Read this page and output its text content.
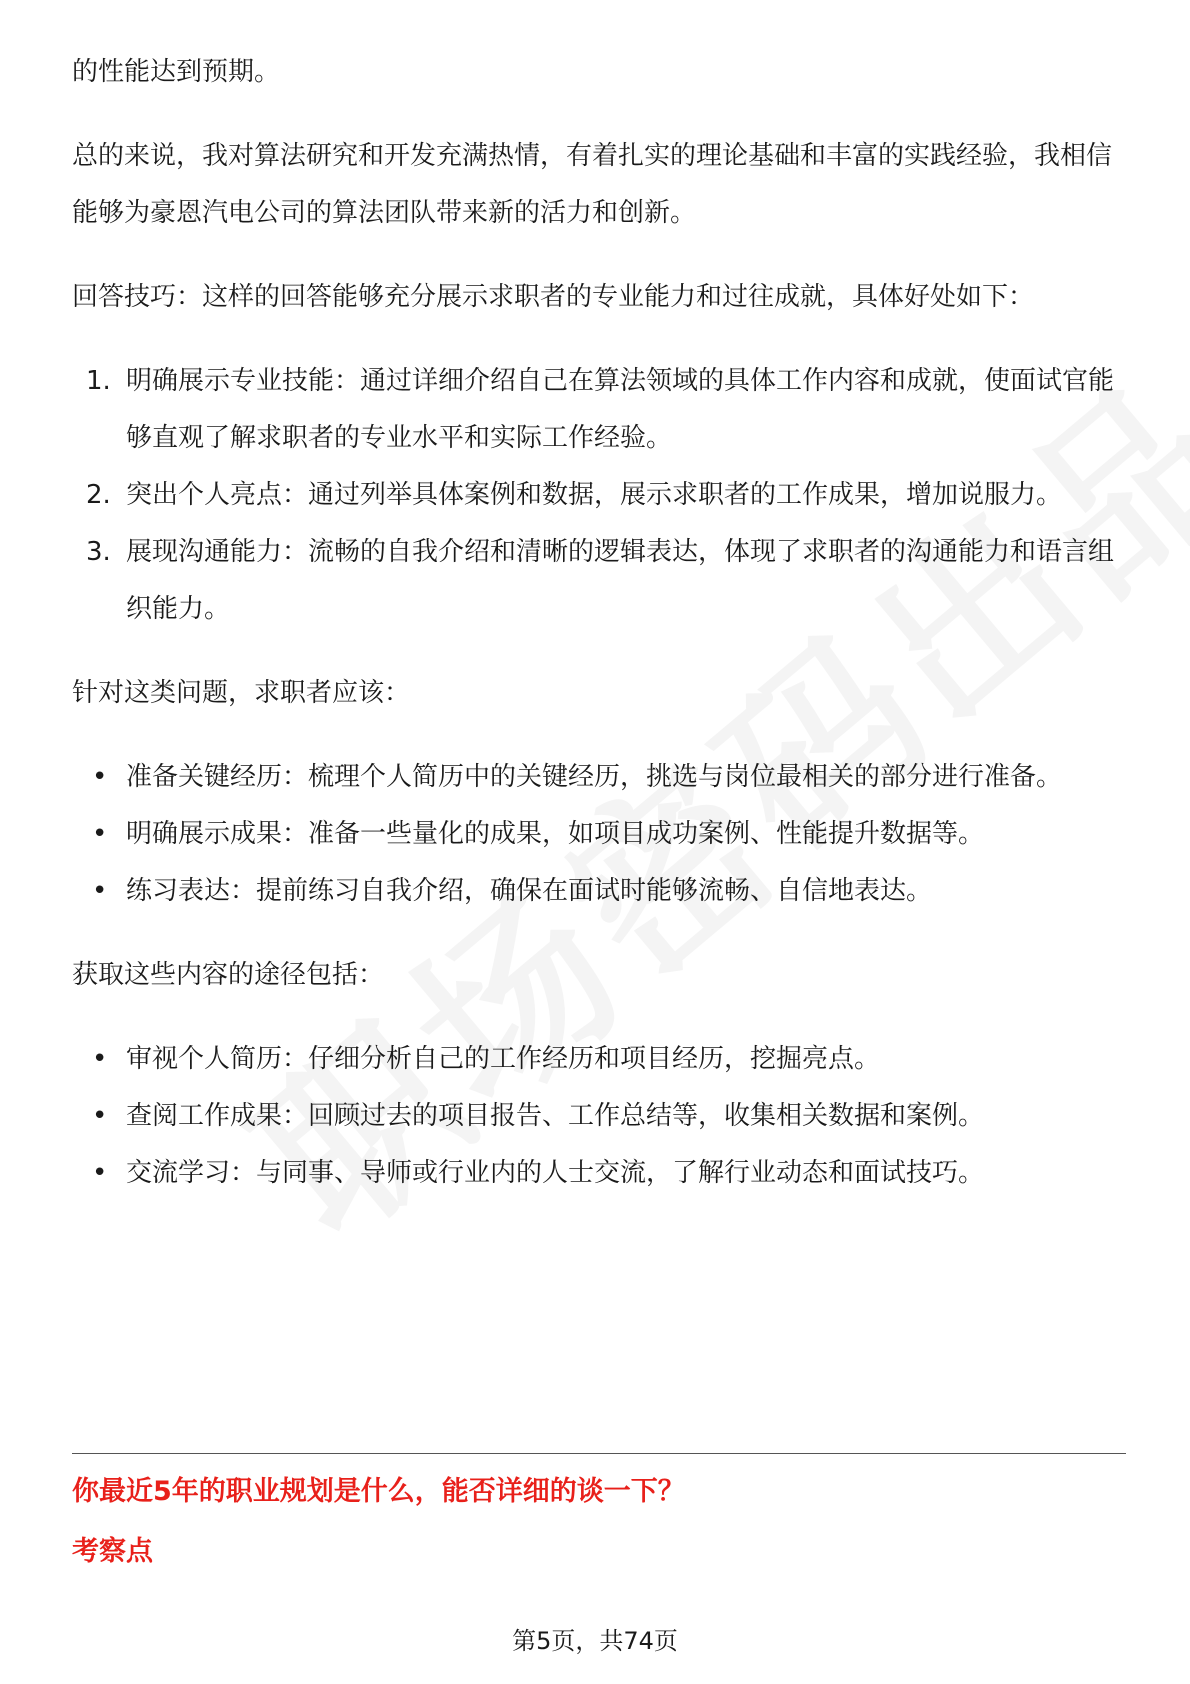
的性能达到预期。

总的来说，我对算法研究和开发充满热情，有着扎实的理论基础和丰富的实践经验，我相信能够为豪恩汽电公司的算法团队带来新的活力和创新。

回答技巧：这样的回答能够充分展示求职者的专业能力和过往成就，具体好处如下：

1. 明确展示专业技能：通过详细介绍自己在算法领域的具体工作内容和成就，使面试官能够直观了解求职者的专业水平和实际工作经验。
2. 突出个人亮点：通过列举具体案例和数据，展示求职者的工作成果，增加说服力。
3. 展现沟通能力：流畅的自我介绍和清晰的逻辑表达，体现了求职者的沟通能力和语言组织能力。

针对这类问题，求职者应该：

• 准备关键经历：梳理个人简历中的关键经历，挑选与岗位最相关的部分进行准备。
• 明确展示成果：准备一些量化的成果，如项目成功案例、性能提升数据等。
• 练习表达：提前练习自我介绍，确保在面试时能够流畅、自信地表达。

获取这些内容的途径包括：

• 审视个人简历：仔细分析自己的工作经历和项目经历，挖掘亮点。
• 查阅工作成果：回顾过去的项目报告、工作总结等，收集相关数据和案例。
• 交流学习：与同事、导师或行业内的人士交流，了解行业动态和面试技巧。
你最近5年的职业规划是什么，能否详细的谈一下？
考察点
第5页，共74页
